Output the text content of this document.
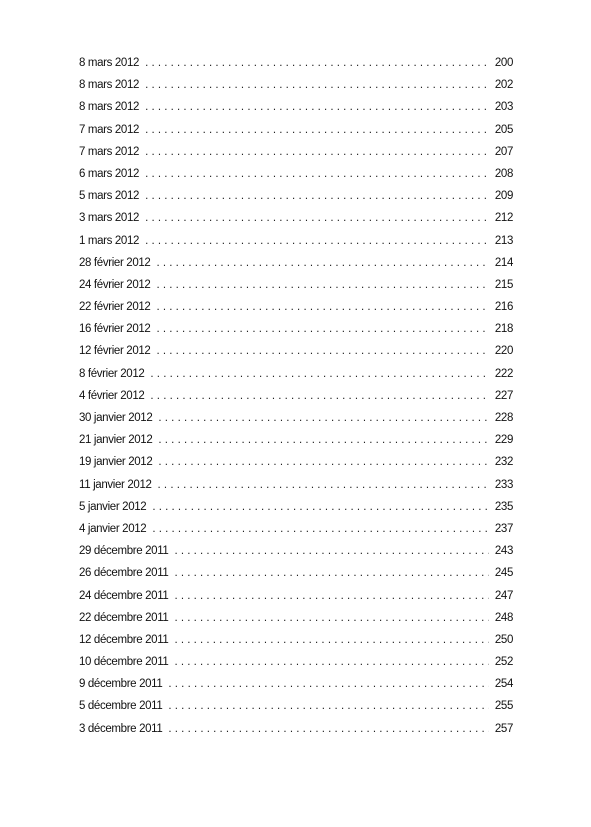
8 mars 2012 . . .	200
8 mars 2012 . . .	202
8 mars 2012 . . .	203
7 mars 2012 . . .	205
7 mars 2012 . . .	207
6 mars 2012 . . .	208
5 mars 2012 . . .	209
3 mars 2012 . . .	212
1 mars 2012 . . .	213
28 février 2012 . . .	214
24 février 2012 . . .	215
22 février 2012 . . .	216
16 février 2012 . . .	218
12 février 2012 . . .	220
8 février 2012 . . .	222
4 février 2012 . . .	227
30 janvier 2012 . . .	228
21 janvier 2012 . . .	229
19 janvier 2012 . . .	232
11 janvier 2012 . . .	233
5 janvier 2012 . . .	235
4 janvier 2012 . . .	237
29 décembre 2011 . . .	243
26 décembre 2011 . . .	245
24 décembre 2011 . . .	247
22 décembre 2011 . . .	248
12 décembre 2011 . . .	250
10 décembre 2011 . . .	252
9 décembre 2011 . . .	254
5 décembre 2011 . . .	255
3 décembre 2011 . . .	257
